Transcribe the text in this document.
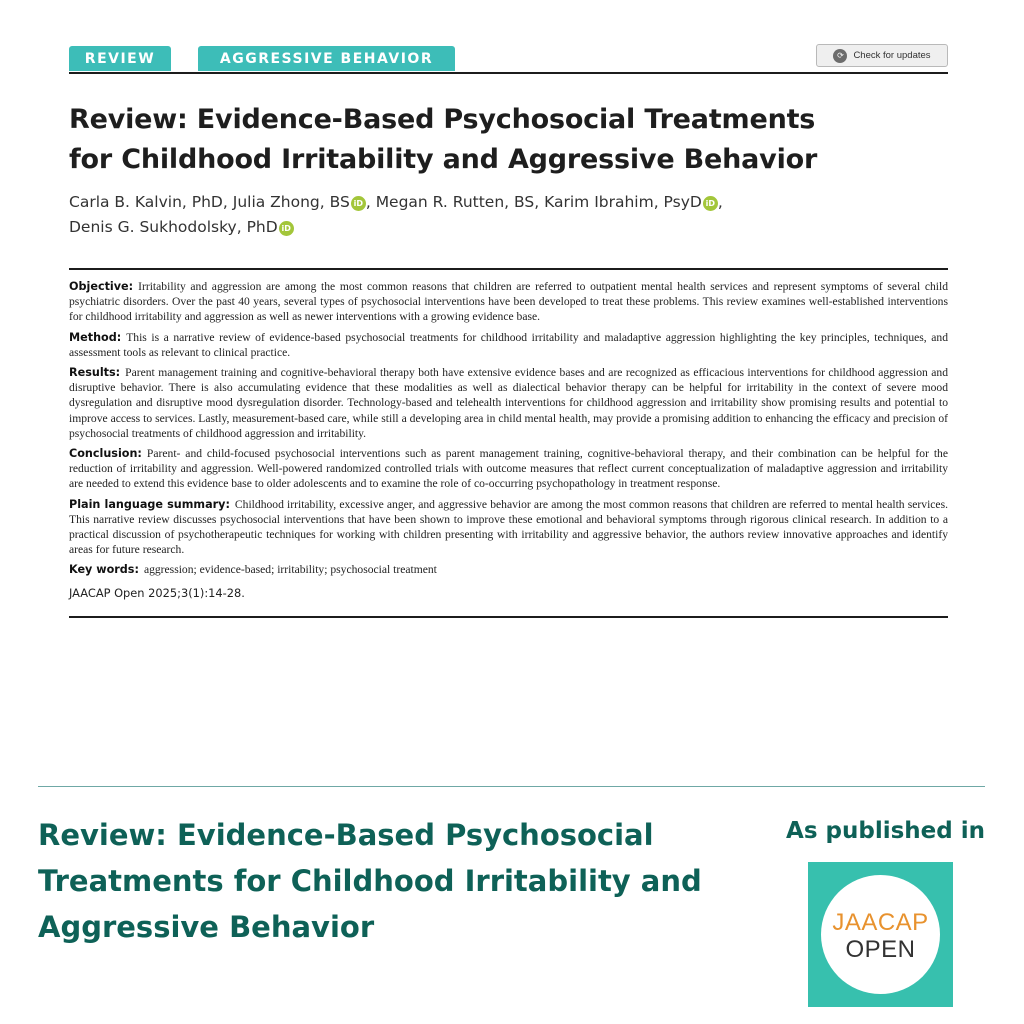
REVIEW	AGGRESSIVE BEHAVIOR	⟳	Check for updates
Review: Evidence-Based Psychosocial Treatments
for Childhood Irritability and Aggressive Behavior
Carla B. Kalvin, PhD, Julia Zhong, BS iD , Megan R. Rutten, BS, Karim Ibrahim, PsyD iD ,
Denis G. Sukhodolsky, PhD iD

Objective: Irritability and aggression are among the most common reasons that children are referred to outpatient mental health services and represent symptoms of several child psychiatric disorders. Over the past 40 years, several types of psychosocial interventions have been developed to treat these problems. This review examines well-established interventions for childhood irritability and aggression as well as newer interventions with a growing evidence base.

Method: This is a narrative review of evidence-based psychosocial treatments for childhood irritability and maladaptive aggression highlighting the key principles, techniques, and assessment tools as relevant to clinical practice.

Results: Parent management training and cognitive-behavioral therapy both have extensive evidence bases and are recognized as efficacious interventions for childhood aggression and disruptive behavior. There is also accumulating evidence that these modalities as well as dialectical behavior therapy can be helpful for irritability in the context of severe mood dysregulation and disruptive mood dysregulation disorder. Technology-based and telehealth interventions for childhood aggression and irritability show promising results and potential to improve access to services. Lastly, measurement-based care, while still a developing area in child mental health, may provide a promising addition to enhancing the efficacy and precision of psychosocial treatments of childhood aggression and irritability.

Conclusion: Parent- and child-focused psychosocial interventions such as parent management training, cognitive-behavioral therapy, and their combination can be helpful for the reduction of irritability and aggression. Well-powered randomized controlled trials with outcome measures that reflect current conceptualization of maladaptive aggression and irritability are needed to extend this evidence base to older adolescents and to examine the role of co-occurring psychopathology in treatment response.

Plain language summary: Childhood irritability, excessive anger, and aggressive behavior are among the most common reasons that children are referred to mental health services. This narrative review discusses psychosocial interventions that have been shown to improve these emotional and behavioral symptoms through rigorous clinical research. In addition to a practical discussion of psychotherapeutic techniques for working with children presenting with irritability and aggressive behavior, the authors review innovative approaches and identify areas for future research.

Key words: aggression; evidence-based; irritability; psychosocial treatment

JAACAP Open 2025;3(1):14-28.
Review: Evidence-Based Psychosocial
Treatments for Childhood Irritability and
Aggressive Behavior
As published in
JAACAP
OPEN
